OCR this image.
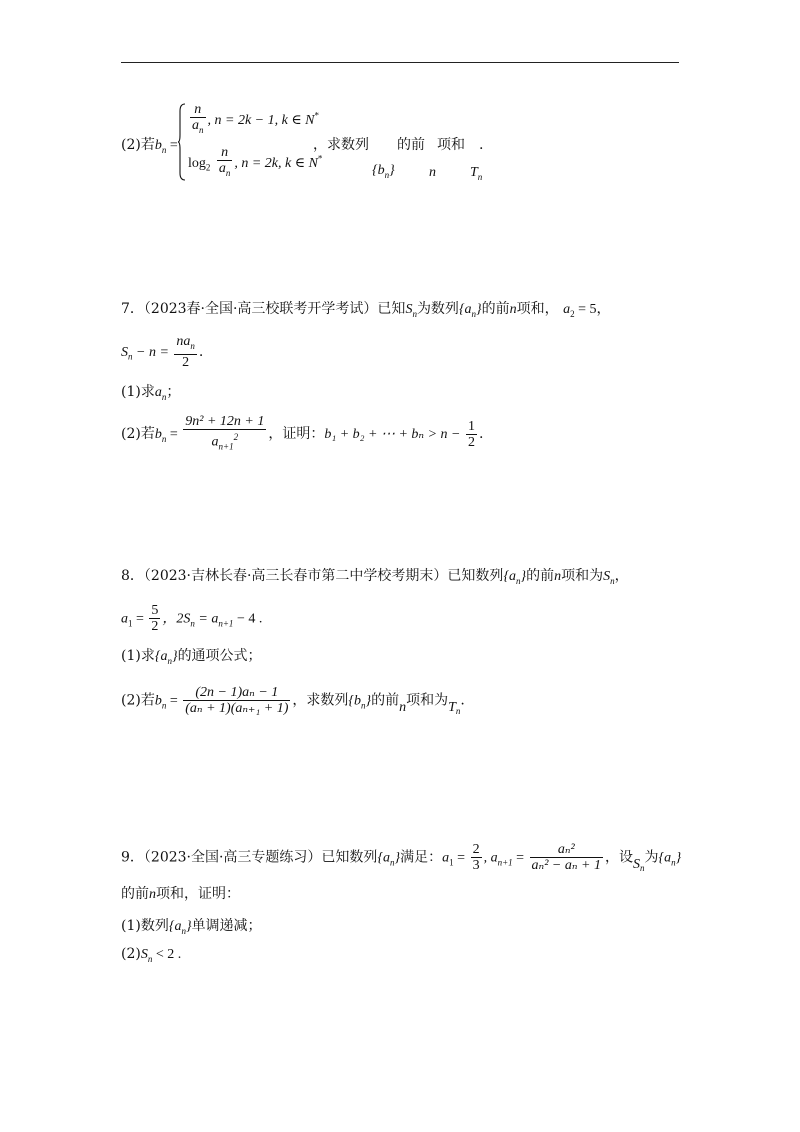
(2)若$b_n$ =
$\frac{n}{a_n}$ , n = 2k − 1, k ∈ N*
$\log_2 \frac{n}{a_n}$ , n = 2k, k ∈ N*
，求数列 的前 项和 .
$\{b_n\}$ n $T_n$
7．（2023春·全国·高三校联考开学考试）已知$S_n$为数列$\{a_n\}$的前n项和， $a_2 = 5$，
$S_n - n = \frac{na_n}{2}$ .
(1)求$a_n$；
(2)若$b_n = \frac{\text{9n² + 12n + 1}}{a_{n+1}^2}$ ，证明：b₁ + b₂ + ⋯ + $b_n > n - \frac{1}{2}$ .
8．（2023·吉林长春·高三长春市第二中学校考期末）已知数列$\{a_n\}$的前n项和为$S_n$，
$a_1 = \frac{5}{2}$ ，$2S_n = a_{n+1} - 4$ .
(1)求$\{a_n\}$的通项公式；
(2)若$b_n = \frac{\text{(2n − 1)aₙ − 1}}{\text{(aₙ + 1)(aₙ₊₁ + 1)}}$ ，求数列$\{b_n\}$的前n项和为$T_n$.
9．（2023·全国·高三专题练习）已知数列$\{a_n\}$满足：$a_1 = \frac{2}{3}$ , $a_{n+1} = \frac{\text{aₙ²}}{\text{aₙ² − aₙ + 1}}$ ，设$S_n$为$\{a_n\}$
的前n项和，证明：
(1)数列$\{a_n\}$单调递减；
$(2)S_n < 2$ .
